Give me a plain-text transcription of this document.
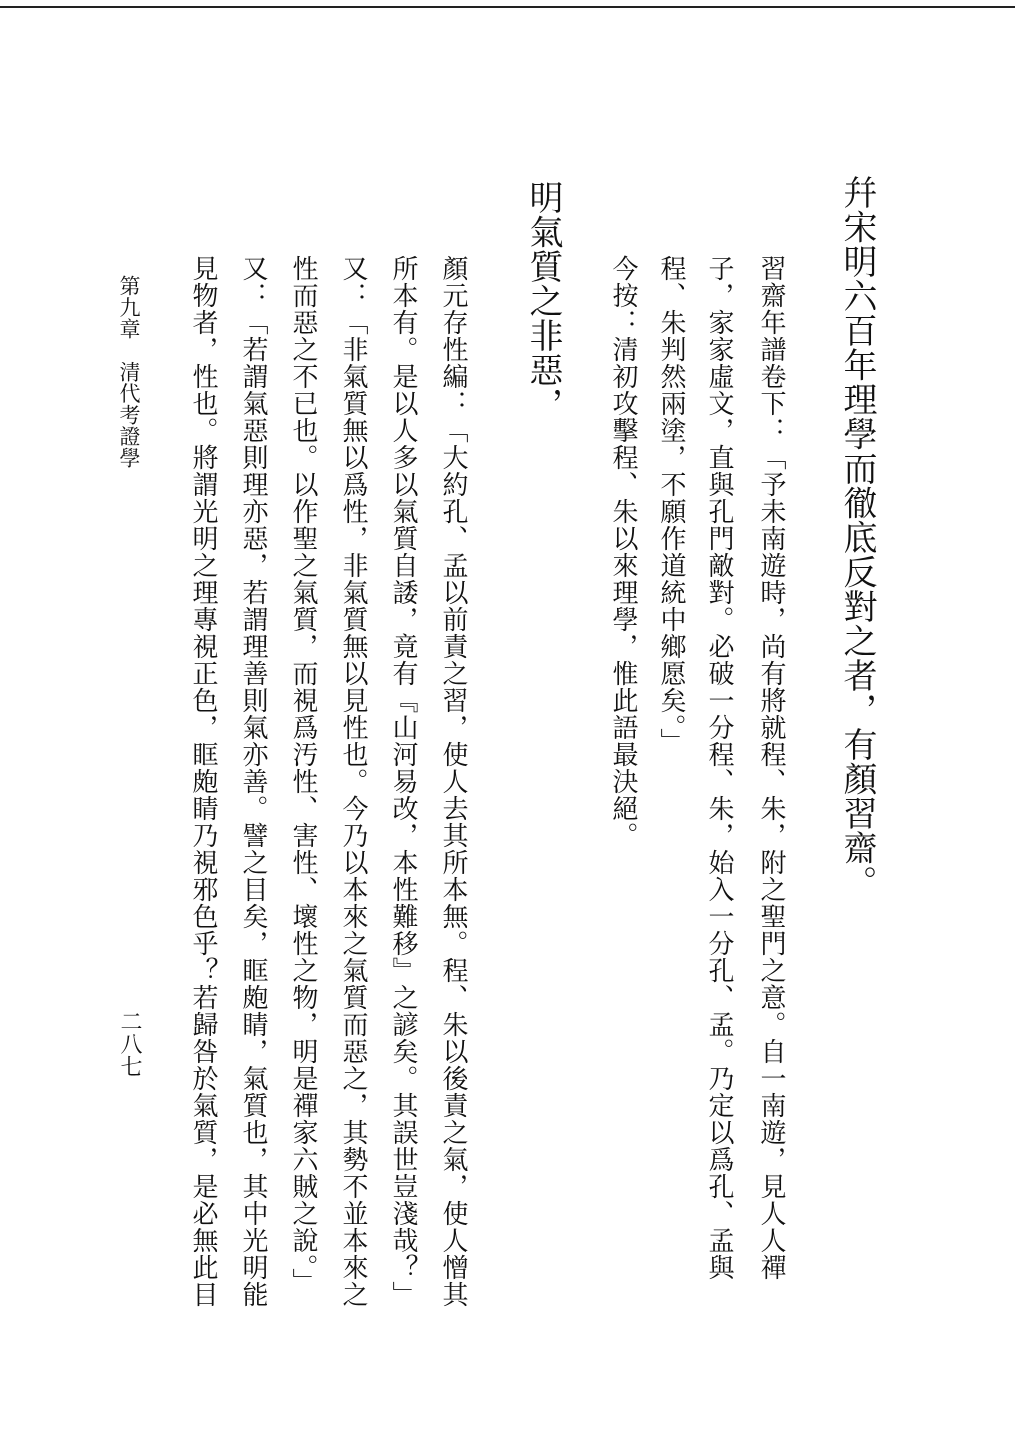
幷宋明六百年理學而徹底反對之者，有顏習齋。
程、朱判然兩塗，不願作道統中鄉愿矣。」 子，家家虛文，直與孔門敵對。必破一分程、朱，始入一分孔、孟。乃定以爲孔、孟與 習齋年譜卷下：「予未南遊時，尚有將就程、朱，附之聖門之意。自一南遊，見人人禪
今按：清初攻擊程、朱以來理學，惟此語最決絕。
明氣質之非惡，
顏元存性編：「大約孔、孟以前責之習，使人去其所本無。程、朱以後責之氣，使人憎其
所本有。是以人多以氣質自諉，竟有『山河易改，本性難移』之諺矣。其誤世豈淺哉？」
又：「非氣質無以爲性，非氣質無以見性也。今乃以本來之氣質而惡之，其勢不並本來之
性而惡之不已也。以作聖之氣質，而視爲汚性、害性、壞性之物，明是禪家六賊之說。」
又：「若謂氣惡則理亦惡，若謂理善則氣亦善。譬之目矣，眶皰睛，氣質也，其中光明能
見物者，性也。將謂光明之理專視正色，眶皰睛乃視邪色乎？若歸咎於氣質，是必無此目
第九章　清代考證學
二八七
